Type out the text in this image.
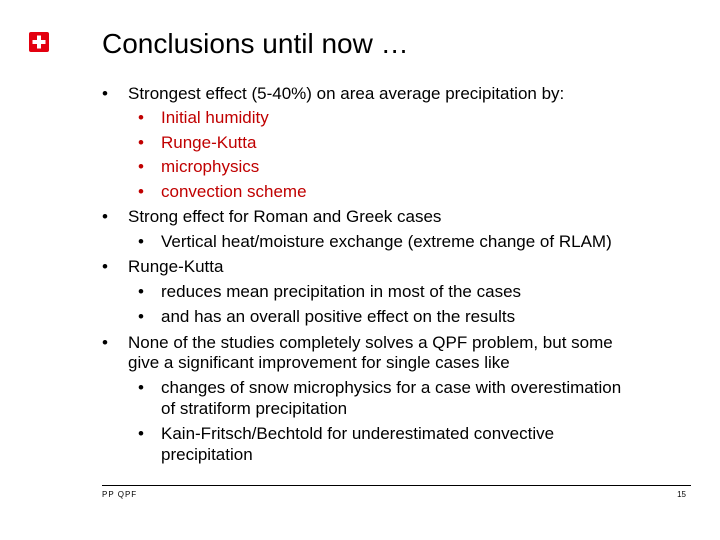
Conclusions until now …
• Strongest effect (5-40%) on area average precipitation by:
• Initial humidity
• Runge-Kutta
• microphysics
• convection scheme
• Strong effect for Roman and Greek cases
• Vertical heat/moisture exchange (extreme change of RLAM)
• Runge-Kutta
• reduces mean precipitation in most of the cases
• and has an overall positive effect on the results
• None of the studies completely solves a QPF problem, but some
give a significant improvement for single cases like
• changes of snow microphysics for a case with overestimation
of stratiform precipitation
• Kain-Fritsch/Bechtold for underestimated convective
precipitation
PP QPF	15
